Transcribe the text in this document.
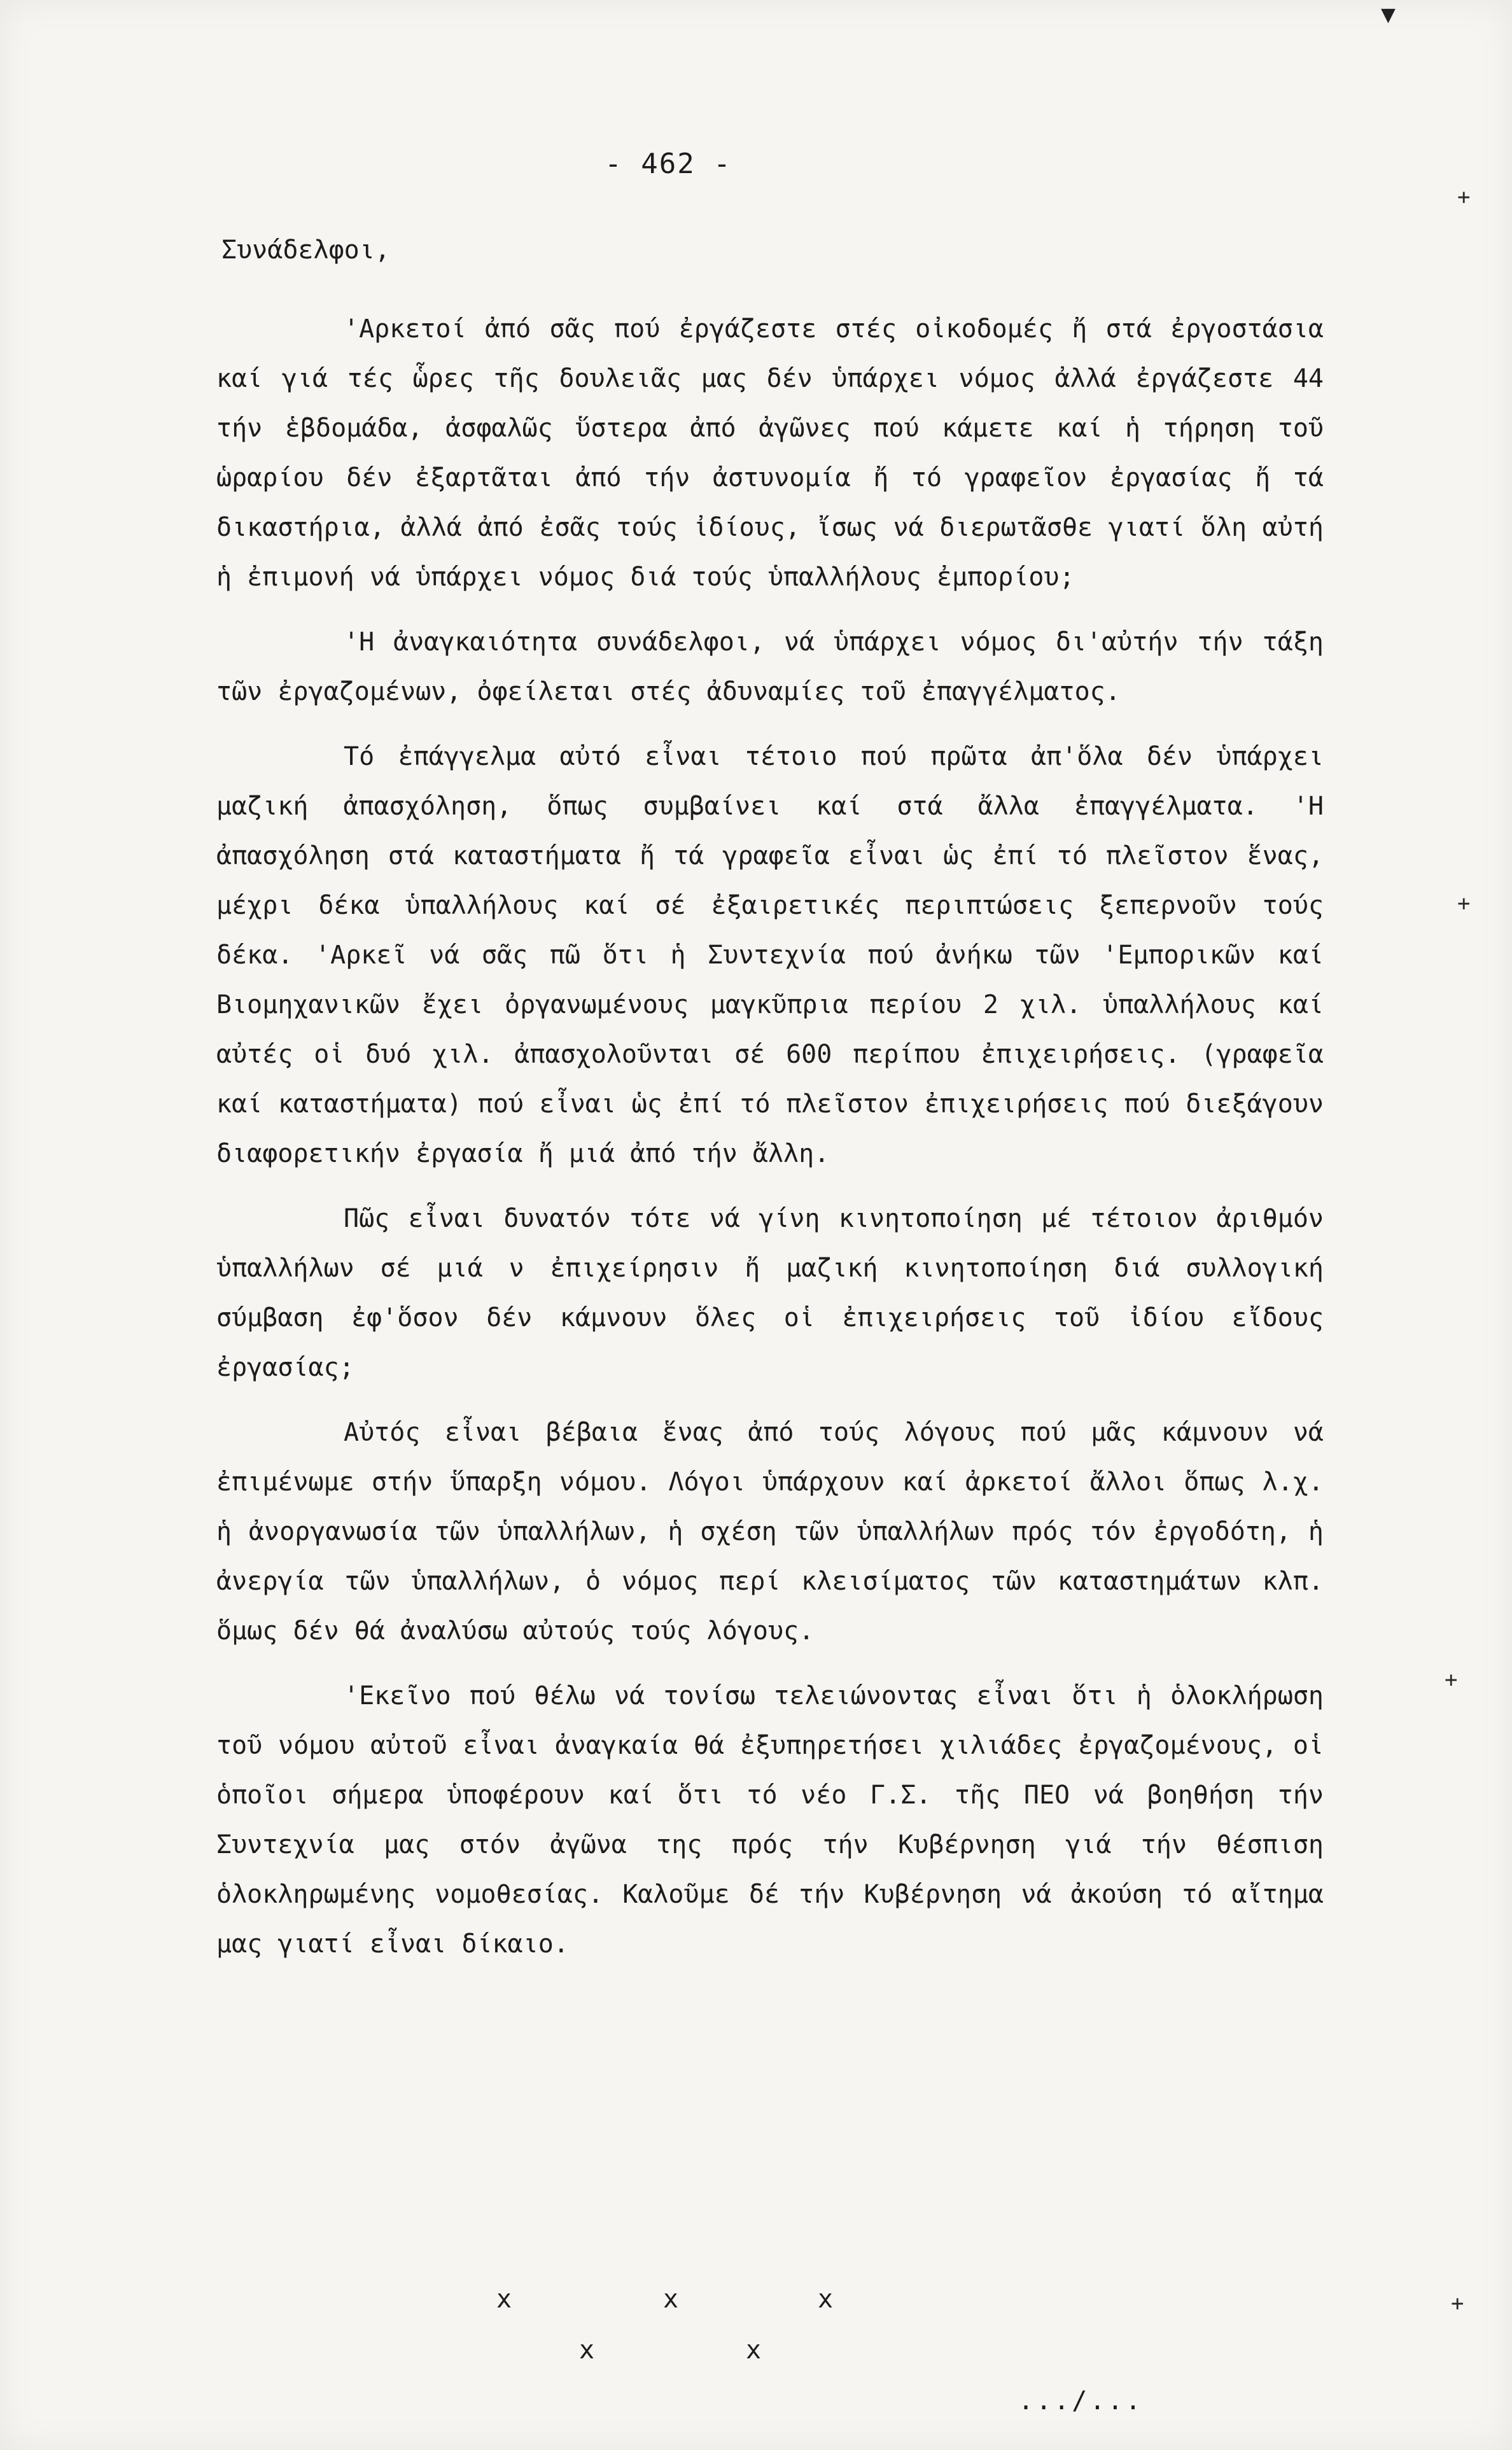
- 462 -
Συνάδελφοι,

'Αρκετοί ἀπό σᾶς πού ἐργάζεστε στές οἰκοδομές ἤ στά ἐργοστάσια καί γιά τές ὧρες τῆς δουλειᾶς μας δέν ὑπάρχει νόμος ἀλλά ἐργάζεστε 44 τήν ἑβδομάδα, ἀσφαλῶς ὕστερα ἀπό ἀγῶνες πού κάμετε καί ἡ τήρηση τοῦ ὡραρίου δέν ἐξαρτᾶται ἀπό τήν ἀστυνομία ἤ τό γραφεῖον ἐργασίας ἤ τά δικαστήρια, ἀλλά ἀπό ἐσᾶς τούς ἰδίους, ἴσως νά διερωτᾶσθε γιατί ὅλη αὐτή ἡ ἐπιμονή νά ὑπάρχει νόμος διά τούς ὑπαλλήλους ἐμπορίου;

'Η ἀναγκαιότητα συνάδελφοι, νά ὑπάρχει νόμος δι'αὐτήν τήν τάξη τῶν ἐργαζομένων, ὀφείλεται στές ἀδυναμίες τοῦ ἐπαγγέλματος.

Τό ἐπάγγελμα αὐτό εἶναι τέτοιο πού πρῶτα ἀπ'ὅλα δέν ὑπάρχει μαζική ἀπασχόληση, ὅπως συμβαίνει καί στά ἄλλα ἐπαγγέλματα. 'Η ἀπασχόληση στά καταστήματα ἤ τά γραφεῖα εἶναι ὡς ἐπί τό πλεῖστον ἕνας, μέχρι δέκα ὑπαλλήλους καί σέ ἐξαιρετικές περιπτώσεις ξεπερνοῦν τούς δέκα. 'Αρκεῖ νά σᾶς πῶ ὅτι ἡ Συντεχνία πού ἀνήκω τῶν 'Εμπορικῶν καί Βιομηχανικῶν ἔχει ὀργανωμένους μαγκῦπρια περίου 2 χιλ. ὑπαλλήλους καί αὐτές οἱ δυό χιλ. ἀπασχολοῦνται σέ 600 περίπου ἐπιχειρήσεις. (γραφεῖα καί καταστήματα) πού εἶναι ὡς ἐπί τό πλεῖστον ἐπιχειρήσεις πού διεξάγουν διαφορετικήν ἐργασία ἤ μιά ἀπό τήν ἄλλη.

Πῶς εἶναι δυνατόν τότε νά γίνη κινητοποίηση μέ τέτοιον ἀριθμόν ὑπαλλήλων σέ μιά ν ἐπιχείρησιν ἤ μαζική κινητοποίηση διά συλλογική σύμβαση ἐφ'ὅσον δέν κάμνουν ὅλες οἱ ἐπιχειρήσεις τοῦ ἰδίου εἴδους ἐργασίας;

Αὐτός εἶναι βέβαια ἕνας ἀπό τούς λόγους πού μᾶς κάμνουν νά ἐπιμένωμε στήν ὕπαρξη νόμου. Λόγοι ὑπάρχουν καί ἀρκετοί ἄλλοι ὅπως λ.χ. ἡ ἀνοργανωσία τῶν ὑπαλλήλων, ἡ σχέση τῶν ὑπαλλήλων πρός τόν ἐργοδότη, ἡ ἀνεργία τῶν ὑπαλλήλων, ὁ νόμος περί κλεισίματος τῶν καταστημάτων κλπ. ὅμως δέν θά ἀναλύσω αὐτούς τούς λόγους.

'Εκεῖνο πού θέλω νά τονίσω τελειώνοντας εἶναι ὅτι ἡ ὁλοκλήρωση τοῦ νόμου αὐτοῦ εἶναι ἀναγκαία θά ἐξυπηρετήσει χιλιάδες ἐργαζομένους, οἱ ὁποῖοι σήμερα ὑποφέρουν καί ὅτι τό νέο Γ.Σ. τῆς ΠΕΟ νά βοηθήση τήν Συντεχνία μας στόν ἀγῶνα της πρός τήν Κυβέρνηση γιά τήν θέσπιση ὁλοκληρωμένης νομοθεσίας. Καλοῦμε δέ τήν Κυβέρνηση νά ἀκούση τό αἴτημα μας γιατί εἶναι δίκαιο.

x	x	x
x	x
.../...
+
+
+
+
▼
